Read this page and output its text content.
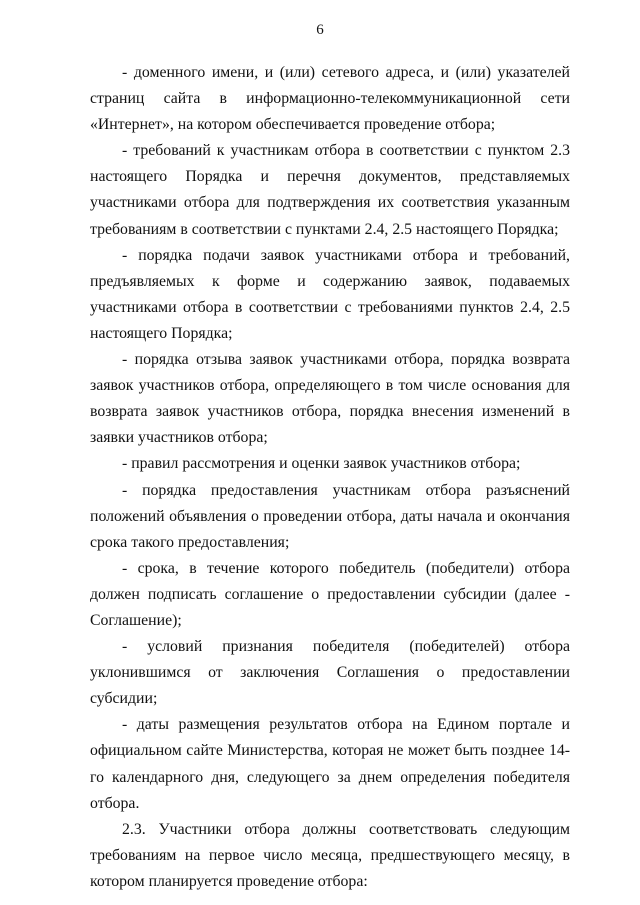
6

- доменного имени, и (или) сетевого адреса, и (или) указателей страниц сайта в информационно-телекоммуникационной сети «Интернет», на котором обеспечивается проведение отбора;

- требований к участникам отбора в соответствии с пунктом 2.3 настоящего Порядка и перечня документов, представляемых участниками отбора для подтверждения их соответствия указанным требованиям в соответствии с пунктами 2.4, 2.5 настоящего Порядка;

- порядка подачи заявок участниками отбора и требований, предъявляемых к форме и содержанию заявок, подаваемых участниками отбора в соответствии с требованиями пунктов 2.4, 2.5 настоящего Порядка;

- порядка отзыва заявок участниками отбора, порядка возврата заявок участников отбора, определяющего в том числе основания для возврата заявок участников отбора, порядка внесения изменений в заявки участников отбора;

- правил рассмотрения и оценки заявок участников отбора;

- порядка предоставления участникам отбора разъяснений положений объявления о проведении отбора, даты начала и окончания срока такого предоставления;

- срока, в течение которого победитель (победители) отбора должен подписать соглашение о предоставлении субсидии (далее - Соглашение);

- условий признания победителя (победителей) отбора уклонившимся от заключения Соглашения о предоставлении субсидии;

- даты размещения результатов отбора на Едином портале и официальном сайте Министерства, которая не может быть позднее 14-го календарного дня, следующего за днем определения победителя отбора.

2.3. Участники отбора должны соответствовать следующим требованиям на первое число месяца, предшествующего месяцу, в котором планируется проведение отбора:
